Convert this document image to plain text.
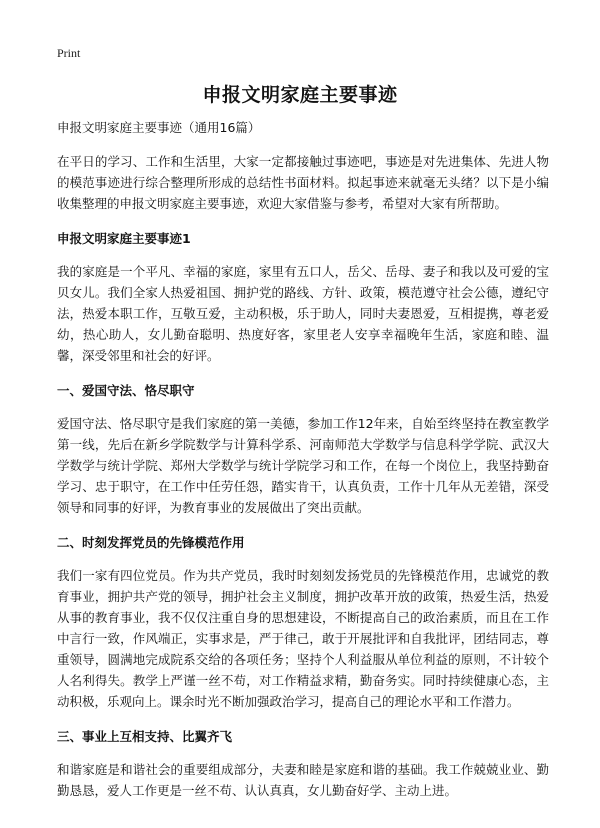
Print
申报文明家庭主要事迹
申报文明家庭主要事迹（通用16篇）

在平日的学习、工作和生活里，大家一定都接触过事迹吧，事迹是对先进集体、先进人物的模范事迹进行综合整理所形成的总结性书面材料。拟起事迹来就毫无头绪？以下是小编收集整理的申报文明家庭主要事迹，欢迎大家借鉴与参考，希望对大家有所帮助。

申报文明家庭主要事迹1

我的家庭是一个平凡、幸福的家庭，家里有五口人，岳父、岳母、妻子和我以及可爱的宝贝女儿。我们全家人热爱祖国、拥护党的路线、方针、政策，模范遵守社会公德，遵纪守法，热爱本职工作，互敬互爱，主动积极，乐于助人，同时夫妻恩爱，互相提携，尊老爱幼，热心助人，女儿勤奋聪明、热度好客，家里老人安享幸福晚年生活，家庭和睦、温馨，深受邻里和社会的好评。

一、爱国守法、恪尽职守

爱国守法、恪尽职守是我们家庭的第一美德，参加工作12年来，自始至终坚持在教室教学第一线，先后在新乡学院数学与计算科学系、河南师范大学数学与信息科学学院、武汉大学数学与统计学院、郑州大学数学与统计学院学习和工作，在每一个岗位上，我坚持勤奋学习、忠于职守，在工作中任劳任怨，踏实肯干，认真负责，工作十几年从无差错，深受领导和同事的好评，为教育事业的发展做出了突出贡献。

二、时刻发挥党员的先锋模范作用

我们一家有四位党员。作为共产党员，我时时刻刻发扬党员的先锋模范作用，忠诚党的教育事业，拥护共产党的领导，拥护社会主义制度，拥护改革开放的政策，热爱生活，热爱从事的教育事业，我不仅仅注重自身的思想建设，不断提高自己的政治素质，而且在工作中言行一致，作风端正，实事求是，严于律己，敢于开展批评和自我批评，团结同志，尊重领导，圆满地完成院系交给的各项任务；坚持个人利益服从单位利益的原则，不计较个人名利得失。教学上严谨一丝不苟，对工作精益求精，勤奋务实。同时持续健康心态，主动积极，乐观向上。课余时光不断加强政治学习，提高自己的理论水平和工作潜力。

三、事业上互相支持、比翼齐飞

和谐家庭是和谐社会的重要组成部分，夫妻和睦是家庭和谐的基础。我工作兢兢业业、勤勤恳恳，爱人工作更是一丝不苟、认认真真，女儿勤奋好学、主动上进。
